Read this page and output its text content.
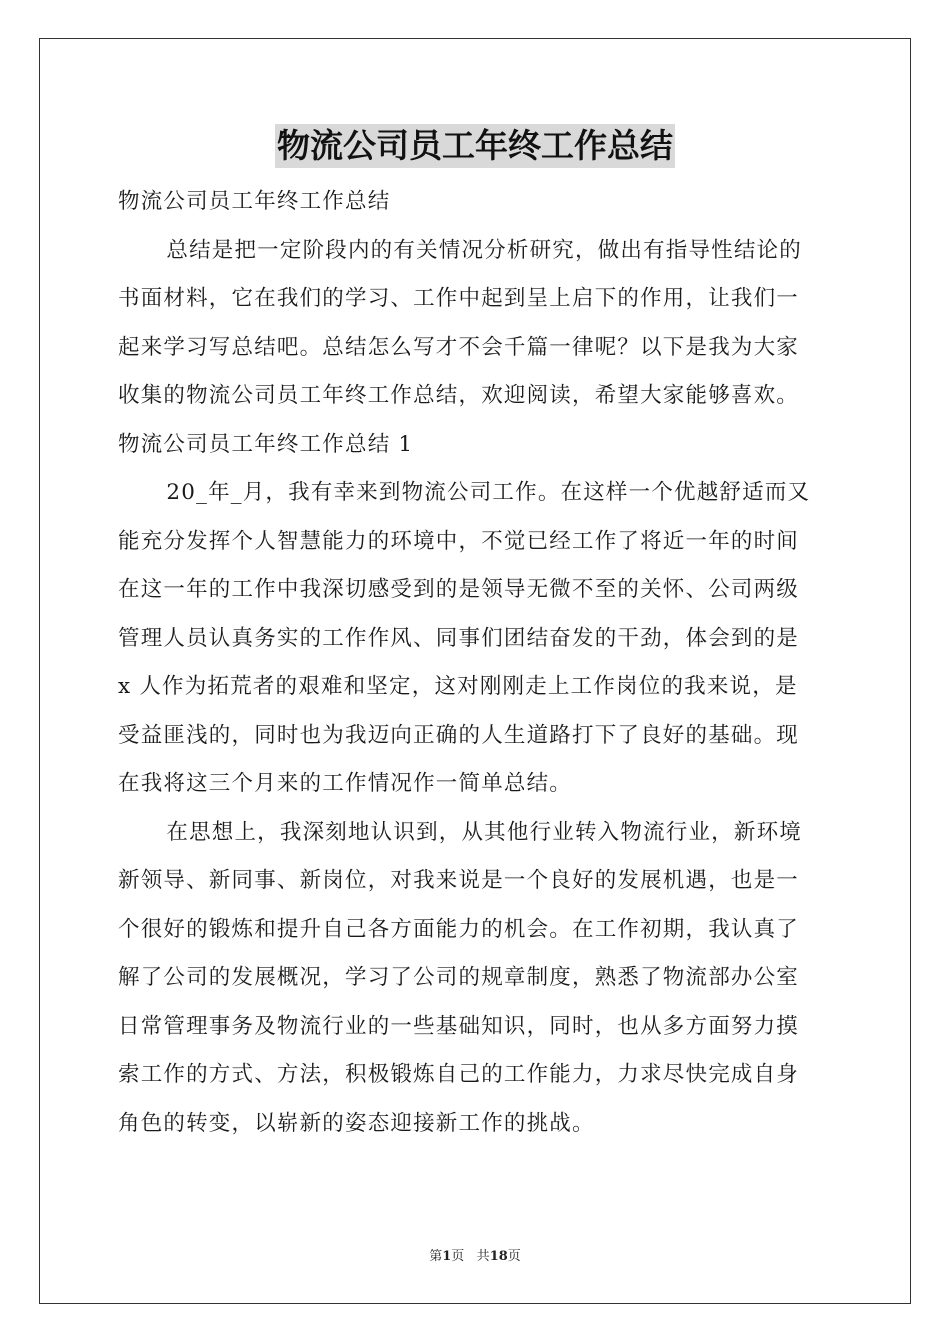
物流公司员工年终工作总结

物流公司员工年终工作总结

总结是把一定阶段内的有关情况分析研究，做出有指导性结论的

书面材料，它在我们的学习、工作中起到呈上启下的作用，让我们一

起来学习写总结吧。总结怎么写才不会千篇一律呢？以下是我为大家

收集的物流公司员工年终工作总结，欢迎阅读，希望大家能够喜欢。

物流公司员工年终工作总结 1

20_年_月，我有幸来到物流公司工作。在这样一个优越舒适而又

能充分发挥个人智慧能力的环境中，不觉已经工作了将近一年的时间

在这一年的工作中我深切感受到的是领导无微不至的关怀、公司两级

管理人员认真务实的工作作风、同事们团结奋发的干劲，体会到的是

x 人作为拓荒者的艰难和坚定，这对刚刚走上工作岗位的我来说，是

受益匪浅的，同时也为我迈向正确的人生道路打下了良好的基础。现

在我将这三个月来的工作情况作一简单总结。

在思想上，我深刻地认识到，从其他行业转入物流行业，新环境

新领导、新同事、新岗位，对我来说是一个良好的发展机遇，也是一

个很好的锻炼和提升自己各方面能力的机会。在工作初期，我认真了

解了公司的发展概况，学习了公司的规章制度，熟悉了物流部办公室

日常管理事务及物流行业的一些基础知识，同时，也从多方面努力摸

索工作的方式、方法，积极锻炼自己的工作能力，力求尽快完成自身

角色的转变，以崭新的姿态迎接新工作的挑战。

第1页 共18页
